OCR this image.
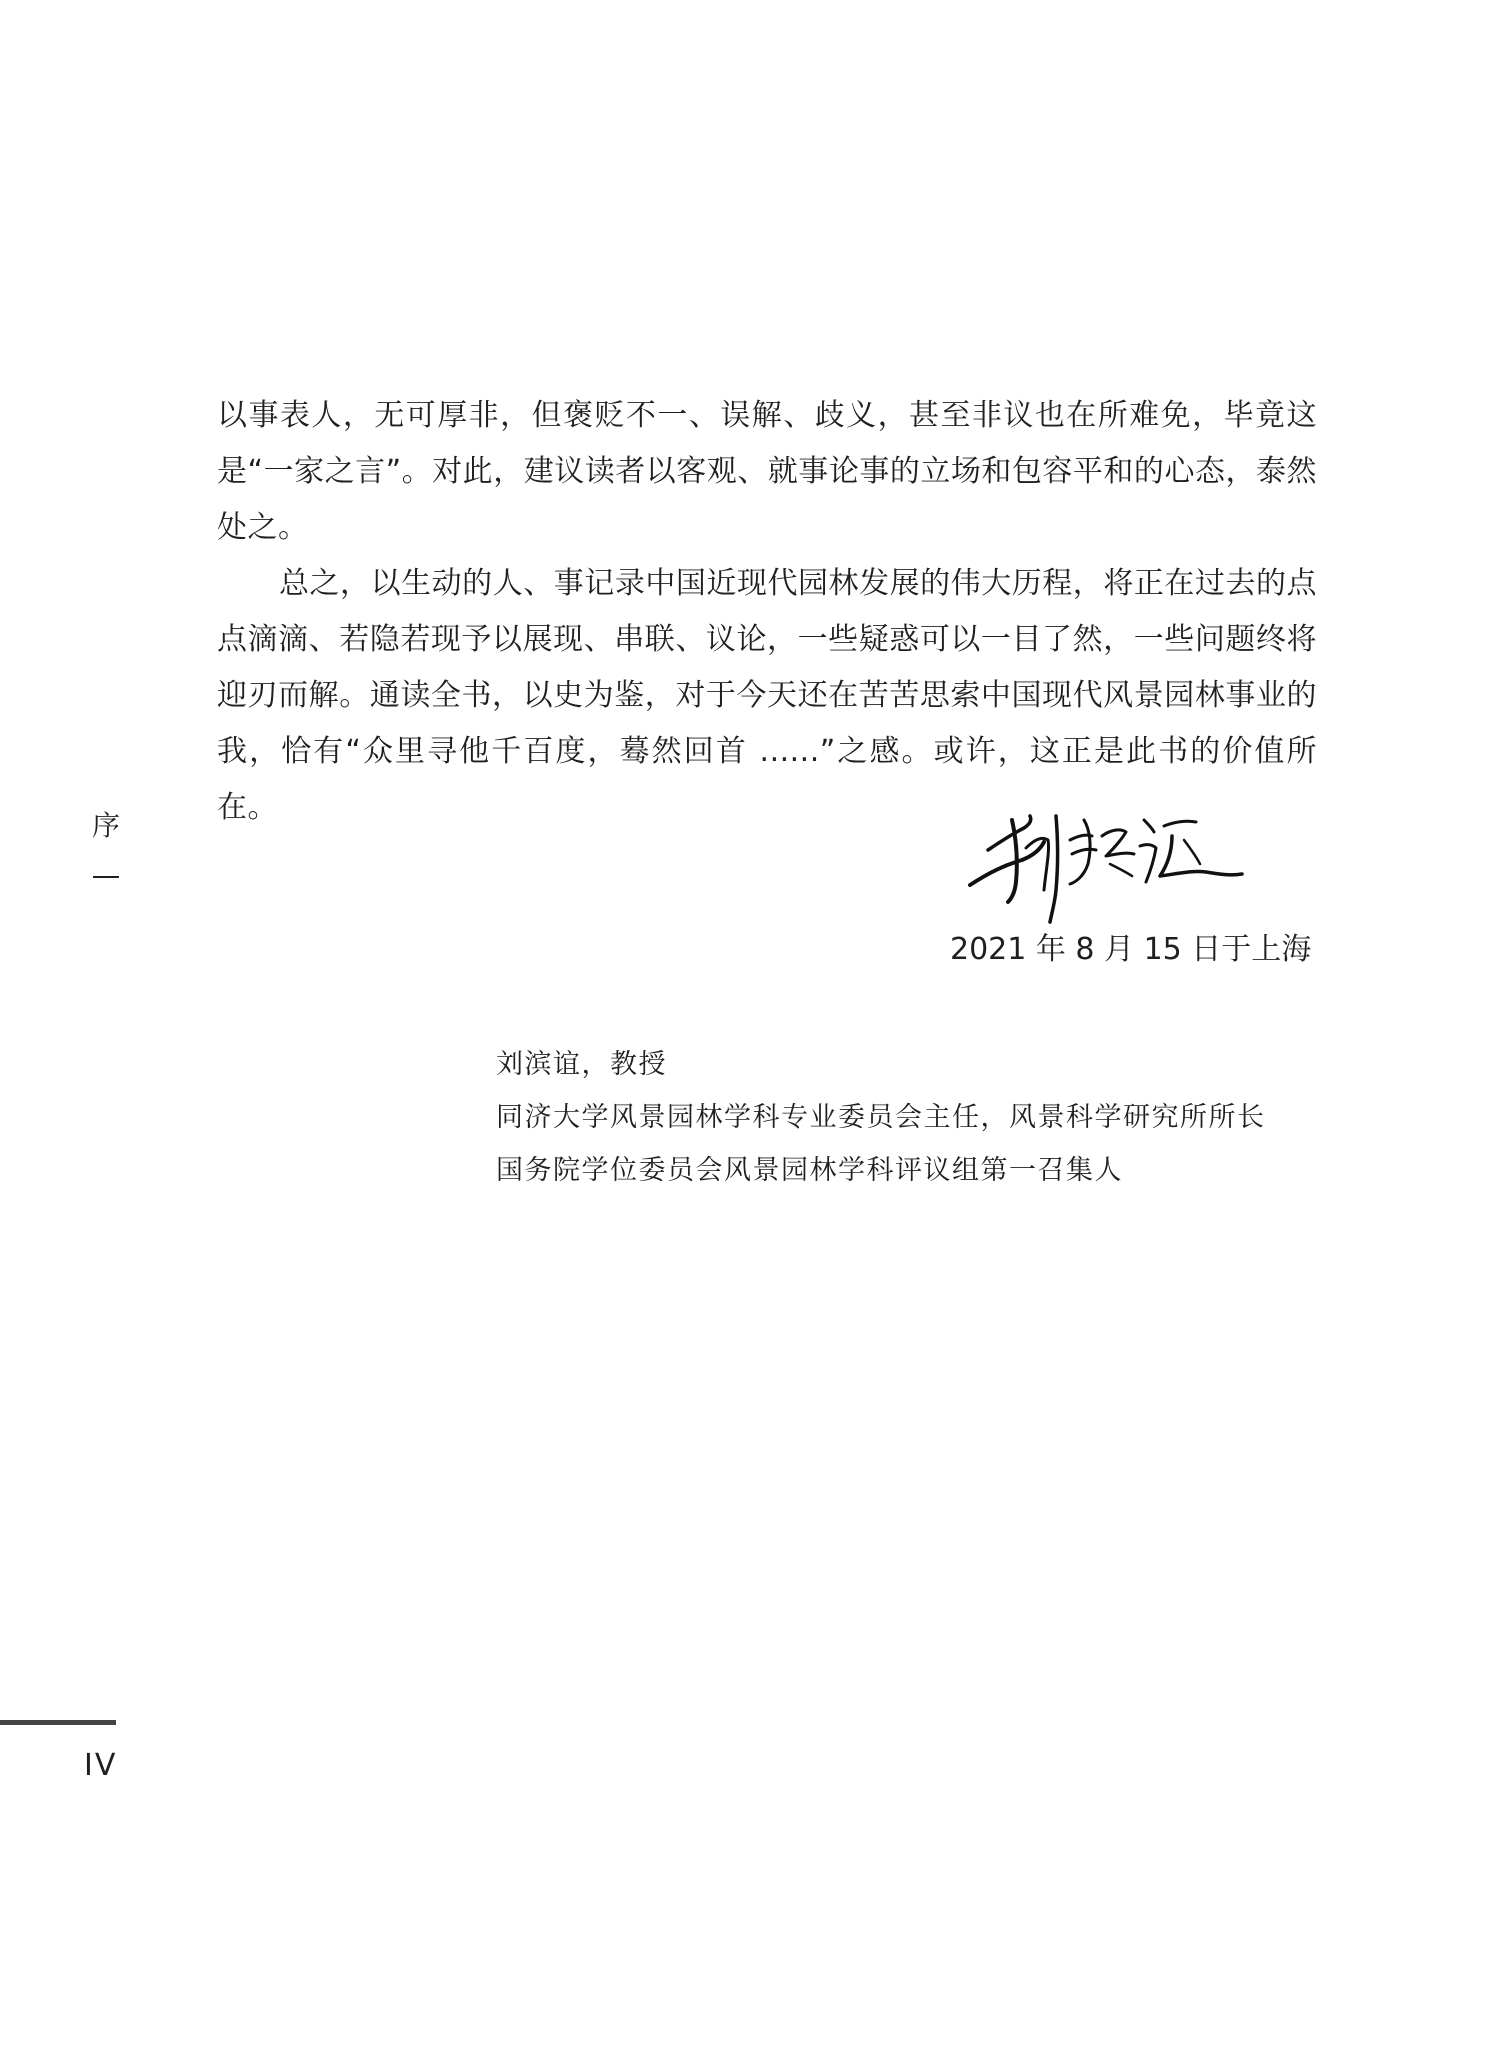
以事表人，无可厚非，但褒贬不一、误解、歧义，甚至非议也在所难免，毕竟这是“一家之言”。对此，建议读者以客观、就事论事的立场和包容平和的心态，泰然处之。

总之，以生动的人、事记录中国近现代园林发展的伟大历程，将正在过去的点点滴滴、若隐若现予以展现、串联、议论，一些疑惑可以一目了然，一些问题终将迎刃而解。通读全书，以史为鉴，对于今天还在苦苦思索中国现代风景园林事业的我，恰有“众里寻他千百度，蓦然回首 ......”之感。或许，这正是此书的价值所在。

序
2021 年 8 月 15 日于上海
刘滨谊，教授
同济大学风景园林学科专业委员会主任，风景科学研究所所长
国务院学位委员会风景园林学科评议组第一召集人
IV
